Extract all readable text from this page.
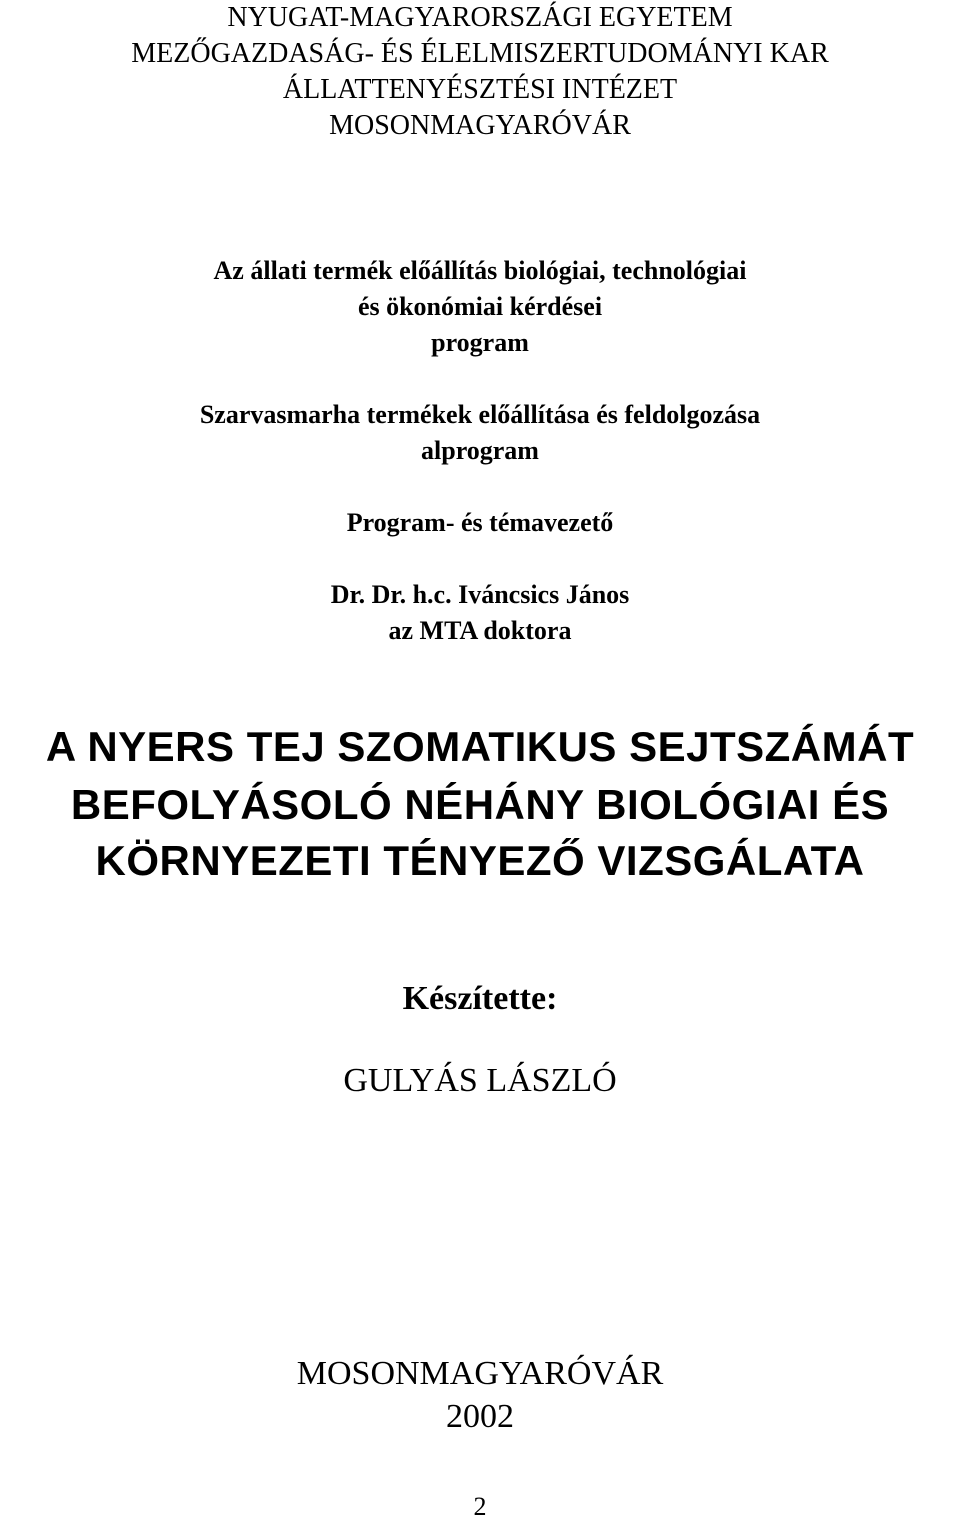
NYUGAT-MAGYARORSZÁGI EGYETEM
MEZŐGAZDASÁG- ÉS ÉLELMISZERTUDOMÁNYI KAR
ÁLLATTENYÉSZTÉSI INTÉZET
MOSONMAGYARÓVÁR
Az állati termék előállítás biológiai, technológiai
és ökonómiai kérdései
program
Szarvasmarha termékek előállítása és feldolgozása
alprogram
Program- és témavezető
Dr. Dr. h.c. Iváncsics János
az MTA doktora
A NYERS TEJ SZOMATIKUS SEJTSZÁMÁT
BEFOLYÁSOLÓ NÉHÁNY BIOLÓGIAI ÉS
KÖRNYEZETI TÉNYEZŐ VIZSGÁLATA
Készítette:
GULYÁS LÁSZLÓ
MOSONMAGYARÓVÁR
2002
2
